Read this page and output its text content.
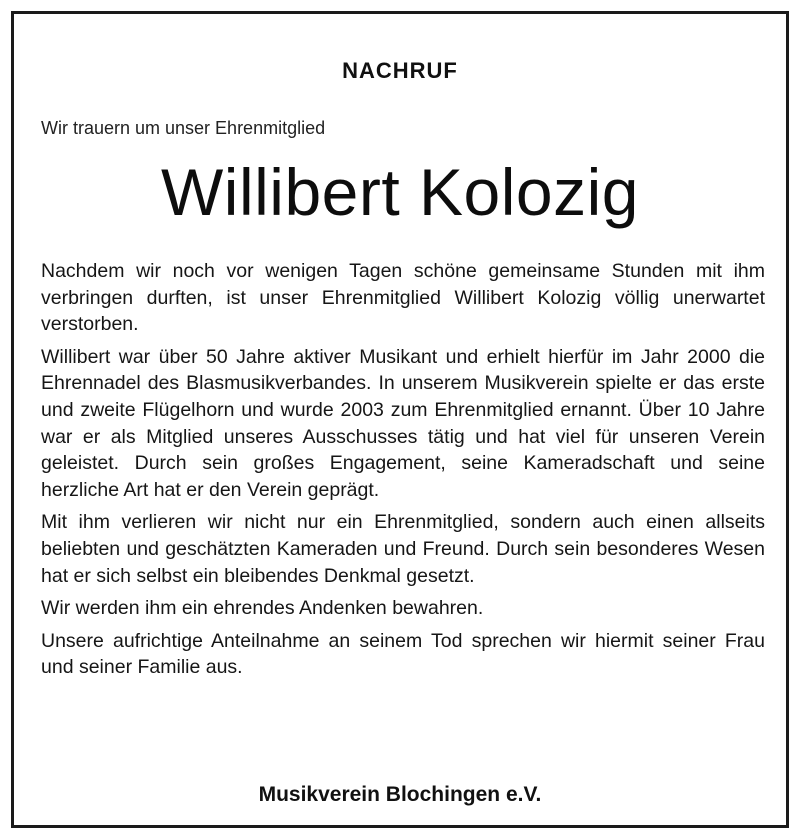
NACHRUF

Wir trauern um unser Ehrenmitglied

Willibert Kolozig

Nachdem wir noch vor wenigen Tagen schöne gemeinsame Stunden mit ihm verbringen durften, ist unser Ehrenmitglied Willibert Kolozig völlig unerwartet verstorben.

Willibert war über 50 Jahre aktiver Musikant und erhielt hierfür im Jahr 2000 die Ehrennadel des Blasmusikverbandes. In unserem Musikverein spielte er das erste und zweite Flügelhorn und wurde 2003 zum Ehrenmitglied ernannt. Über 10 Jahre war er als Mitglied unseres Ausschusses tätig und hat viel für unseren Verein geleistet. Durch sein großes Engagement, seine Kameradschaft und seine herzliche Art hat er den Verein geprägt.

Mit ihm verlieren wir nicht nur ein Ehrenmitglied, sondern auch einen allseits beliebten und geschätzten Kameraden und Freund. Durch sein besonderes Wesen hat er sich selbst ein bleibendes Denkmal gesetzt.

Wir werden ihm ein ehrendes Andenken bewahren.

Unsere aufrichtige Anteilnahme an seinem Tod sprechen wir hiermit seiner Frau und seiner Familie aus.

Musikverein Blochingen e.V.
